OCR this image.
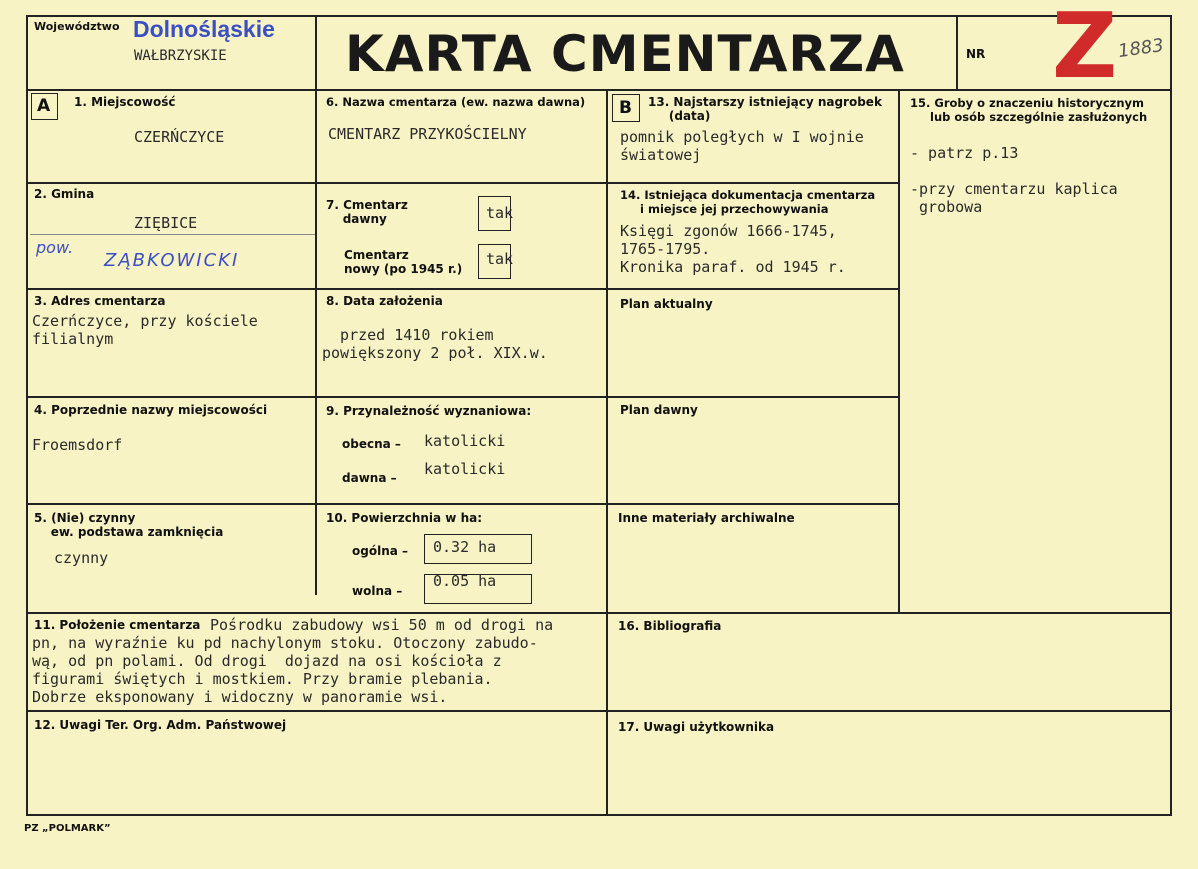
Województwo Dolnośląskie
WAŁBRZYSKIE KARTA CMENTARZA	NR Z 1883
A 1. Miejscowość
CZERŃCZYCE
6. Nazwa cmentarza (ew. nazwa dawna)
CMENTARZ PRZYKOŚCIELNY
B 13. Najstarszy istniejący nagrobek
(data)
pomnik poległych w I wojnie
światowej
15. Groby o znaczeniu historycznym
lub osób szczególnie zasłużonych
- patrz p.13

-przy cmentarzu kaplica
grobowa
2. Gmina
ZIĘBICE
pow.
ZĄBKOWICKI
7. Cmentarz
dawny	tak
Cmentarz
nowy (po 1945 r.)
tak
14. Istniejąca dokumentacja cmentarza
i miejsce jej przechowywania
Księgi zgonów 1666-1745,
1765-1795.
Kronika paraf. od 1945 r.
3. Adres cmentarza
Czerńczyce, przy kościele
filialnym
8. Data założenia
przed 1410 rokiem
powiększony 2 poł. XIX.w.
Plan aktualny
4. Poprzednie nazwy miejscowości
Froemsdorf
9. Przynależność wyznaniowa:
obecna – katolicki
dawna – katolicki
Plan dawny
5. (Nie) czynny
ew. podstawa zamknięcia
czynny
10. Powierzchnia w ha:
ogólna – 0.32 ha
wolna –
0.05 ha
Inne materiały archiwalne
11. Położenie cmentarza Pośrodku zabudowy wsi 50 m od drogi na
pn, na wyraźnie ku pd nachylonym stoku. Otoczony zabudo-
wą, od pn polami. Od drogi  dojazd na osi kościoła z
figurami świętych i mostkiem. Przy bramie plebania.
Dobrze eksponowany i widoczny w panoramie wsi.
16. Bibliografia
12. Uwagi Ter. Org. Adm. Państwowej	17. Uwagi użytkownika
PZ „POLMARK”
